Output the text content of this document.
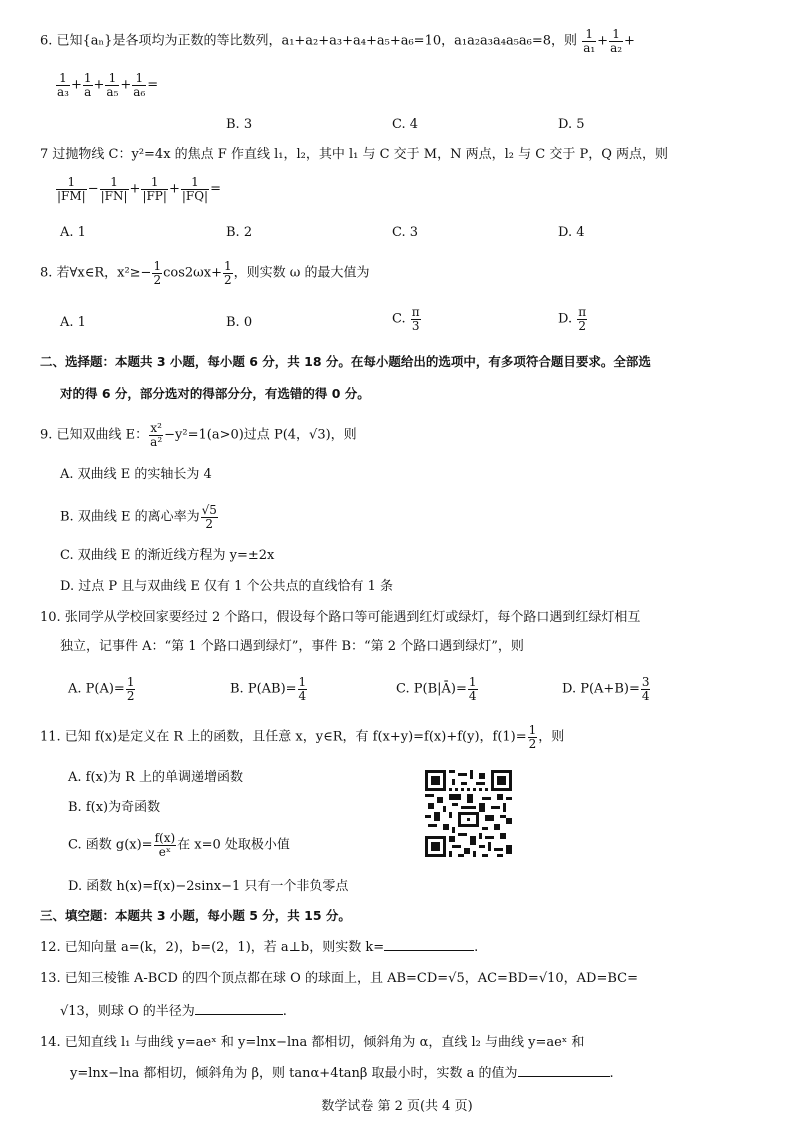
6. 已知{aₙ}是各项均为正数的等比数列，a₁+a₂+a₃+a₄+a₅+a₆=10，a₁a₂a₃a₄a₅a₆=8，则 $\frac{1}{\text{a₁}} + \frac{1}{\text{a₂}}$ +
$\frac{1}{\text{a₃}} + \frac{1}{a} + \frac{1}{\text{a₅}} + \frac{1}{\text{a₆}}$ =
B. 3	C. 4	D. 5
7 过抛物线 C：y²=4x 的焦点 F 作直线 l₁，l₂，其中 l₁ 与 C 交于 M，N 两点，l₂ 与 C 交于 P，Q 两点，则
$\frac{1}{|FM|} - \frac{1}{|FN|} + \frac{1}{|FP|} + \frac{1}{|FQ|}$ =
A. 1	B. 2	C. 3	D. 4
8. 若∀x∈R，$x^2\ge- \frac{1}{2} \cos 2\omega x+ \frac{1}{2}$ ，则实数 ω 的最大值为
A. 1	B. 0	C. $\frac{\pi}{3}$	D. $\frac{\pi}{2}$
二、选择题：本题共 3 小题，每小题 6 分，共 18 分。在每小题给出的选项中，有多项符合题目要求。全部选
对的得 6 分，部分选对的得部分分，有选错的得 0 分。
9. 已知双曲线 E： $\frac{\text{x²}}{\text{a²}} -y^2=1(a>0)$过点 P(4，√3)，则
A. 双曲线 E 的实轴长为 4
B. 双曲线 E 的离心率为 $\frac{√5}{2}$
C. 双曲线 E 的渐近线方程为 y=±2x
D. 过点 P 且与双曲线 E 仅有 1 个公共点的直线恰有 1 条
10. 张同学从学校回家要经过 2 个路口，假设每个路口等可能遇到红灯或绿灯，每个路口遇到红绿灯相互
独立，记事件 A：“第 1 个路口遇到绿灯”，事件 B：“第 2 个路口遇到绿灯”，则
A. $P(A)= \frac{1}{2}$	B. $P(AB)= \frac{1}{4}$	C. P(B|Ā)= $\frac{1}{4}$	D. $P(A+B)= \frac{3}{4}$
11. 已知 f(x)是定义在 R 上的函数，且任意 x，y∈R，有 f(x+y)=f(x)+f(y)，$f(1)= \frac{1}{2}$ ，则
A. f(x)为 R 上的单调递增函数
B. f(x)为奇函数
C. 函数 $g(x)= \frac{f(x)}{\text{eˣ}}$ 在 x=0 处取极小值
D. 函数 h(x)=f(x)−2sinx−1 只有一个非负零点
三、填空题：本题共 3 小题，每小题 5 分，共 15 分。
12. 已知向量 a=(k，2)，b=(2，1)，若 a⊥b，则实数 k=	.
13. 已知三棱锥 A-BCD 的四个顶点都在球 O 的球面上，且 AB=CD=√5，AC=BD=√10，AD=BC=
√13，则球 O 的半径为	.
14. 已知直线 l₁ 与曲线 y=aeˣ 和 y=lnx−lna 都相切，倾斜角为 α，直线 l₂ 与曲线 y=aeˣ 和
y=lnx−lna 都相切，倾斜角为 β，则 tanα+4tanβ 取最小时，实数 a 的值为	.
数学试卷 第 2 页(共 4 页)
